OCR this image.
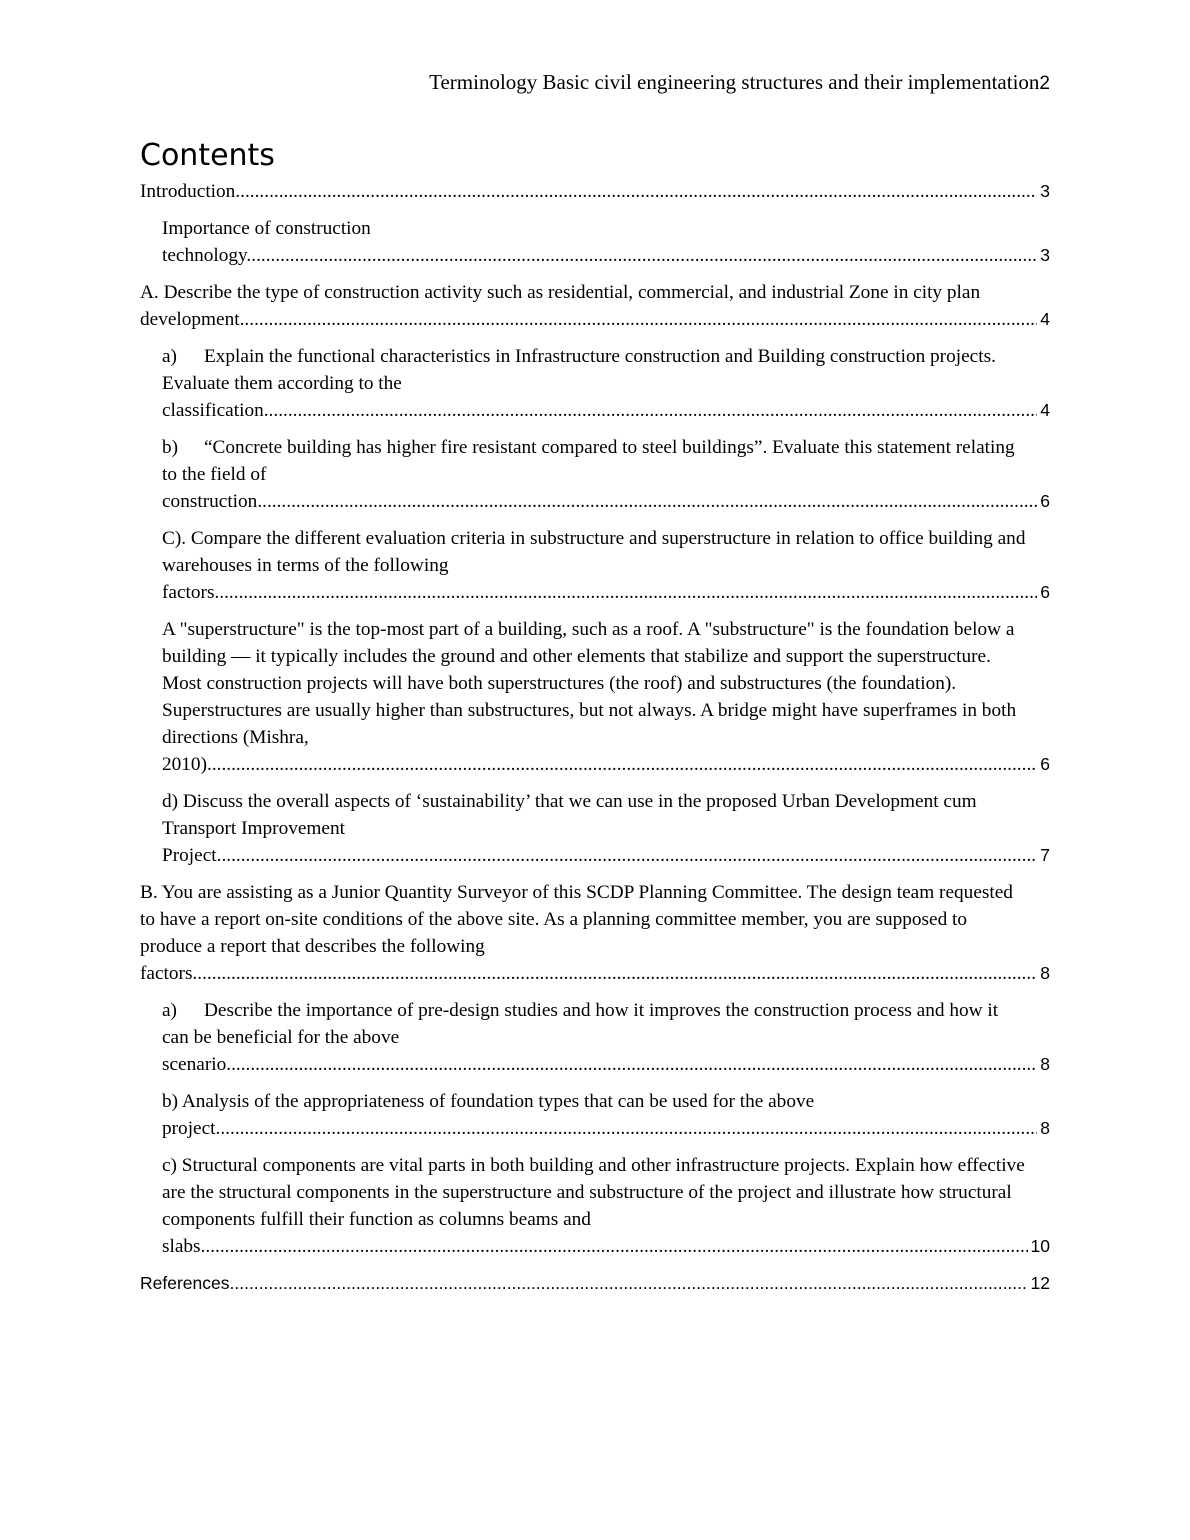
Terminology Basic civil engineering structures and their implementation2
Contents
Introduction .....	3
Importance of construction technology .....	3
A. Describe the type of construction activity such as residential, commercial, and industrial Zone in city plan development. .....	4
a) Explain the functional characteristics in Infrastructure construction and Building construction projects. Evaluate them according to the classification. .....	4
b) “Concrete building has higher fire resistant compared to steel buildings”. Evaluate this statement relating to the field of construction .....	6
C). Compare the different evaluation criteria in substructure and superstructure in relation to office building and warehouses in terms of the following factors. .....	6
A "superstructure" is the top-most part of a building, such as a roof. A "substructure" is the foundation below a building — it typically includes the ground and other elements that stabilize and support the superstructure. Most construction projects will have both superstructures (the roof) and substructures (the foundation). Superstructures are usually higher than substructures, but not always. A bridge might have superframes in both directions (Mishra, 2010). .....	6
d) Discuss the overall aspects of ‘sustainability’ that we can use in the proposed Urban Development cum Transport Improvement Project .....	7
B. You are assisting as a Junior Quantity Surveyor of this SCDP Planning Committee. The design team requested to have a report on-site conditions of the above site. As a planning committee member, you are supposed to produce a report that describes the following factors. .....	8
a) Describe the importance of pre-design studies and how it improves the construction process and how it can be beneficial for the above scenario .....	8
b) Analysis of the appropriateness of foundation types that can be used for the above project. .....	8
c) Structural components are vital parts in both building and other infrastructure projects. Explain how effective are the structural components in the superstructure and substructure of the project and illustrate how structural components fulfill their function as columns beams and slabs. .....	10
References .....	12
